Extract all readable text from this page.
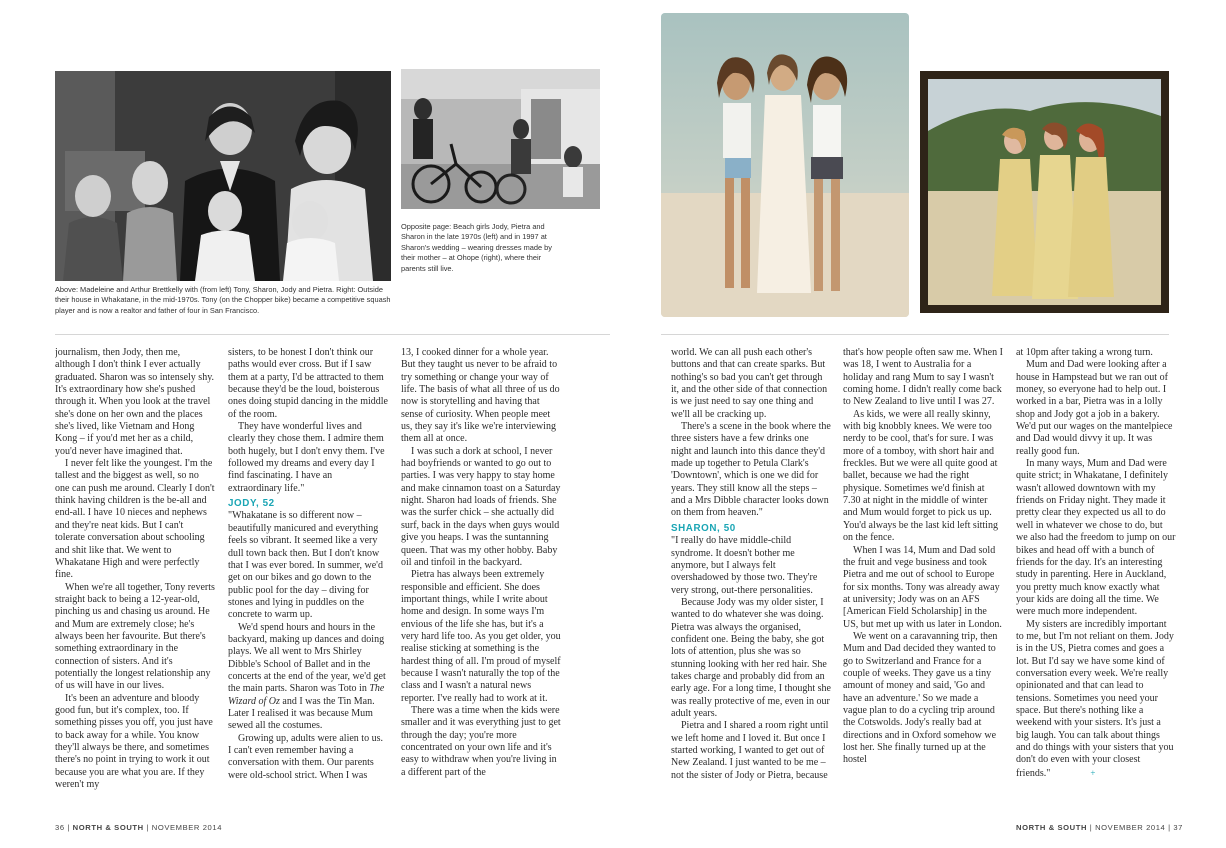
Above: Madeleine and Arthur Brettkelly with (from left) Tony, Sharon, Jody and Pietra. Right: Outside their house in Whakatane, in the mid-1970s. Tony (on the Chopper bike) became a competitive squash player and is now a realtor and father of four in San Francisco.
Opposite page: Beach girls Jody, Pietra and Sharon in the late 1970s (left) and in 1997 at Sharon's wedding – wearing dresses made by their mother – at Ohope (right), where their parents still live.

journalism, then Jody, then me, although I don't think I ever actually graduated. Sharon was so intensely shy. It's extraordinary how she's pushed through it. When you look at the travel she's done on her own and the places she's lived, like Vietnam and Hong Kong – if you'd met her as a child, you'd never have imagined that.

I never felt like the youngest. I'm the tallest and the biggest as well, so no one can push me around. Clearly I don't think having children is the be-all and end-all. I have 10 nieces and nephews and they're neat kids. But I can't tolerate conversation about schooling and shit like that. We went to Whakatane High and were perfectly fine.

When we're all together, Tony reverts straight back to being a 12-year-old, pinching us and chasing us around. He and Mum are extremely close; he's always been her favourite. But there's something extraordinary in the connection of sisters. And it's potentially the longest relationship any of us will have in our lives.

It's been an adventure and bloody good fun, but it's complex, too. If something pisses you off, you just have to back away for a while. You know they'll always be there, and sometimes there's no point in trying to work it out because you are what you are. If they weren't my

sisters, to be honest I don't think our paths would ever cross. But if I saw them at a party, I'd be attracted to them because they'd be the loud, boisterous ones doing stupid dancing in the middle of the room.

They have wonderful lives and clearly they chose them. I admire them both hugely, but I don't envy them. I've followed my dreams and every day I find fascinating. I have an extraordinary life."

JODY, 52

"Whakatane is so different now – beautifully manicured and everything feels so vibrant. It seemed like a very dull town back then. But I don't know that I was ever bored. In summer, we'd get on our bikes and go down to the public pool for the day – diving for stones and lying in puddles on the concrete to warm up.

We'd spend hours and hours in the backyard, making up dances and doing plays. We all went to Mrs Shirley Dibble's School of Ballet and in the concerts at the end of the year, we'd get the main parts. Sharon was Toto in The Wizard of Oz and I was the Tin Man. Later I realised it was because Mum sewed all the costumes.

Growing up, adults were alien to us. I can't even remember having a conversation with them. Our parents were old-school strict. When I was

13, I cooked dinner for a whole year. But they taught us never to be afraid to try something or change your way of life. The basis of what all three of us do now is storytelling and having that sense of curiosity. When people meet us, they say it's like we're interviewing them all at once.

I was such a dork at school, I never had boyfriends or wanted to go out to parties. I was very happy to stay home and make cinnamon toast on a Saturday night. Sharon had loads of friends. She was the surfer chick – she actually did surf, back in the days when guys would give you heaps. I was the suntanning queen. That was my other hobby. Baby oil and tinfoil in the backyard.

Pietra has always been extremely responsible and efficient. She does important things, while I write about home and design. In some ways I'm envious of the life she has, but it's a very hard life too. As you get older, you realise sticking at something is the hardest thing of all. I'm proud of myself because I wasn't naturally the top of the class and I wasn't a natural news reporter. I've really had to work at it.

There was a time when the kids were smaller and it was everything just to get through the day; you're more concentrated on your own life and it's easy to withdraw when you're living in a different part of the

world. We can all push each other's buttons and that can create sparks. But nothing's so bad you can't get through it, and the other side of that connection is we just need to say one thing and we'll all be cracking up.

There's a scene in the book where the three sisters have a few drinks one night and launch into this dance they'd made up together to Petula Clark's 'Downtown', which is one we did for years. They still know all the steps – and a Mrs Dibble character looks down on them from heaven."

SHARON, 50

"I really do have middle-child syndrome. It doesn't bother me anymore, but I always felt overshadowed by those two. They're very strong, out-there personalities.

Because Jody was my older sister, I wanted to do whatever she was doing. Pietra was always the organised, confident one. Being the baby, she got lots of attention, plus she was so stunning looking with her red hair. She takes charge and probably did from an early age. For a long time, I thought she was really protective of me, even in our adult years.

Pietra and I shared a room right until we left home and I loved it. But once I started working, I wanted to get out of New Zealand. I just wanted to be me – not the sister of Jody or Pietra, because

that's how people often saw me. When I was 18, I went to Australia for a holiday and rang Mum to say I wasn't coming home. I didn't really come back to New Zealand to live until I was 27.

As kids, we were all really skinny, with big knobbly knees. We were too nerdy to be cool, that's for sure. I was more of a tomboy, with short hair and freckles. But we were all quite good at ballet, because we had the right physique. Sometimes we'd finish at 7.30 at night in the middle of winter and Mum would forget to pick us up. You'd always be the last kid left sitting on the fence.

When I was 14, Mum and Dad sold the fruit and vege business and took Pietra and me out of school to Europe for six months. Tony was already away at university; Jody was on an AFS [American Field Scholarship] in the US, but met up with us later in London.

We went on a caravanning trip, then Mum and Dad decided they wanted to go to Switzerland and France for a couple of weeks. They gave us a tiny amount of money and said, 'Go and have an adventure.' So we made a vague plan to do a cycling trip around the Cotswolds. Jody's really bad at directions and in Oxford somehow we lost her. She finally turned up at the hostel

at 10pm after taking a wrong turn.

Mum and Dad were looking after a house in Hampstead but we ran out of money, so everyone had to help out. I worked in a bar, Pietra was in a lolly shop and Jody got a job in a bakery. We'd put our wages on the mantelpiece and Dad would divvy it up. It was really good fun.

In many ways, Mum and Dad were quite strict; in Whakatane, I definitely wasn't allowed downtown with my friends on Friday night. They made it pretty clear they expected us all to do well in whatever we chose to do, but we also had the freedom to jump on our bikes and head off with a bunch of friends for the day. It's an interesting study in parenting. Here in Auckland, you pretty much know exactly what your kids are doing all the time. We were much more independent.

My sisters are incredibly important to me, but I'm not reliant on them. Jody is in the US, Pietra comes and goes a lot. But I'd say we have some kind of conversation every week. We're really opinionated and that can lead to tensions. Sometimes you need your space. But there's nothing like a weekend with your sisters. It's just a big laugh. You can talk about things and do things with your sisters that you don't do even with your closest friends."	+

36 | NORTH & SOUTH | NOVEMBER 2014	NORTH & SOUTH | NOVEMBER 2014 | 37
